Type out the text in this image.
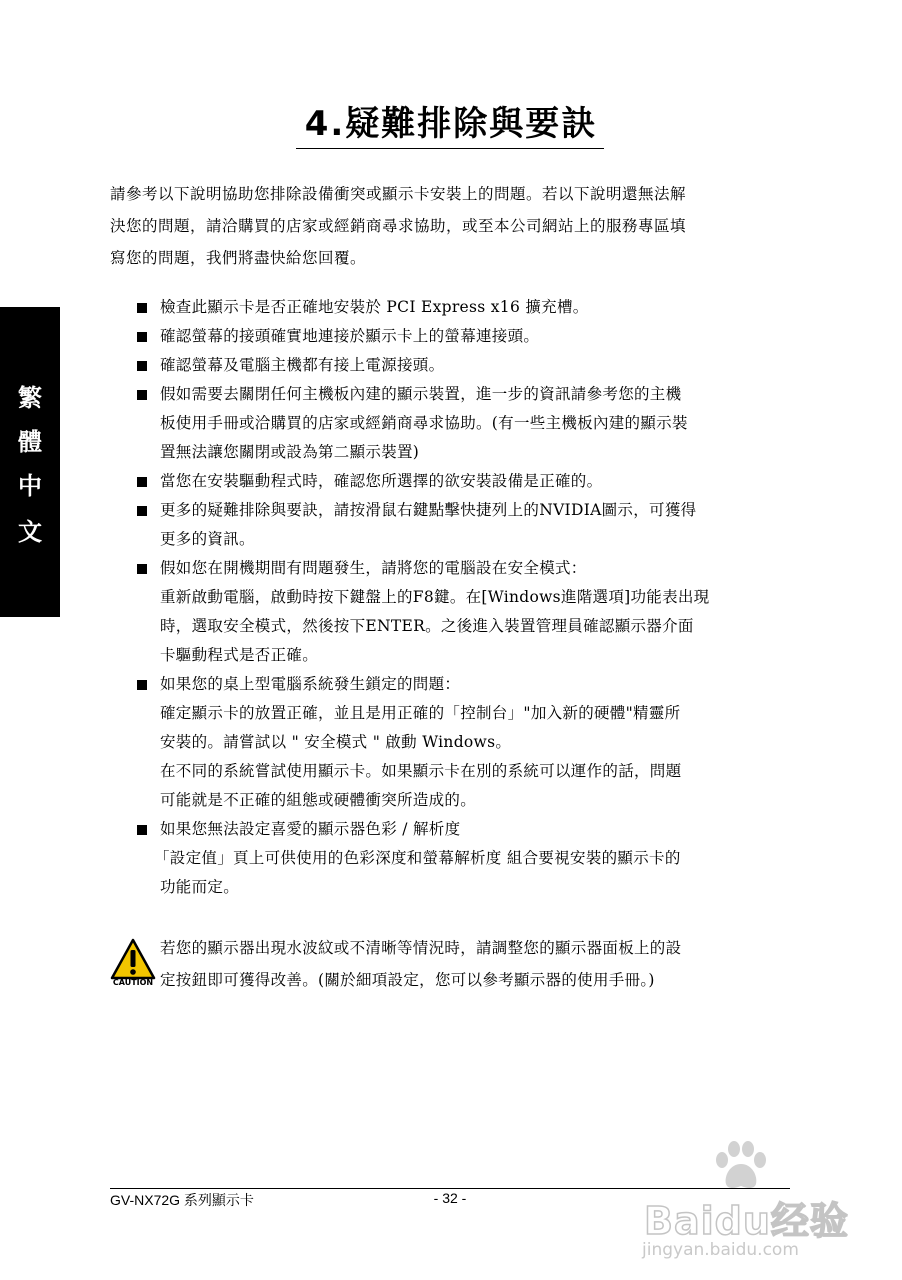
4.疑難排除與要訣
繁
體
中
文

請參考以下說明協助您排除設備衝突或顯示卡安裝上的問題。若以下說明還無法解

決您的問題，請洽購買的店家或經銷商尋求協助，或至本公司網站上的服務專區填

寫您的問題，我們將盡快給您回覆。

檢查此顯示卡是否正確地安裝於 PCI Express x16 擴充槽。

確認螢幕的接頭確實地連接於顯示卡上的螢幕連接頭。

確認螢幕及電腦主機都有接上電源接頭。

假如需要去關閉任何主機板內建的顯示裝置，進一步的資訊請參考您的主機

板使用手冊或洽購買的店家或經銷商尋求協助。(有一些主機板內建的顯示裝

置無法讓您關閉或設為第二顯示裝置)

當您在安裝驅動程式時，確認您所選擇的欲安裝設備是正確的。

更多的疑難排除與要訣，請按滑鼠右鍵點擊快捷列上的NVIDIA圖示，可獲得

更多的資訊。

假如您在開機期間有問題發生，請將您的電腦設在安全模式：

重新啟動電腦，啟動時按下鍵盤上的F8鍵。在[Windows進階選項]功能表出現

時，選取安全模式，然後按下ENTER。之後進入裝置管理員確認顯示器介面

卡驅動程式是否正確。

如果您的桌上型電腦系統發生鎖定的問題：

確定顯示卡的放置正確，並且是用正確的「控制台」"加入新的硬體"精靈所

安裝的。請嘗試以 " 安全模式 " 啟動 Windows。

在不同的系統嘗試使用顯示卡。如果顯示卡在別的系統可以運作的話，問題

可能就是不正確的組態或硬體衝突所造成的。

如果您無法設定喜愛的顯示器色彩 / 解析度

「設定值」頁上可供使用的色彩深度和螢幕解析度 組合要視安裝的顯示卡的

功能而定。

CAUTION

若您的顯示器出現水波紋或不清晰等情況時，請調整您的顯示器面板上的設

定按鈕即可獲得改善。(關於細項設定，您可以參考顯示器的使用手冊。)

GV-NX72G 系列顯示卡	- 32 -
Baidu经验
jingyan.baidu.com
